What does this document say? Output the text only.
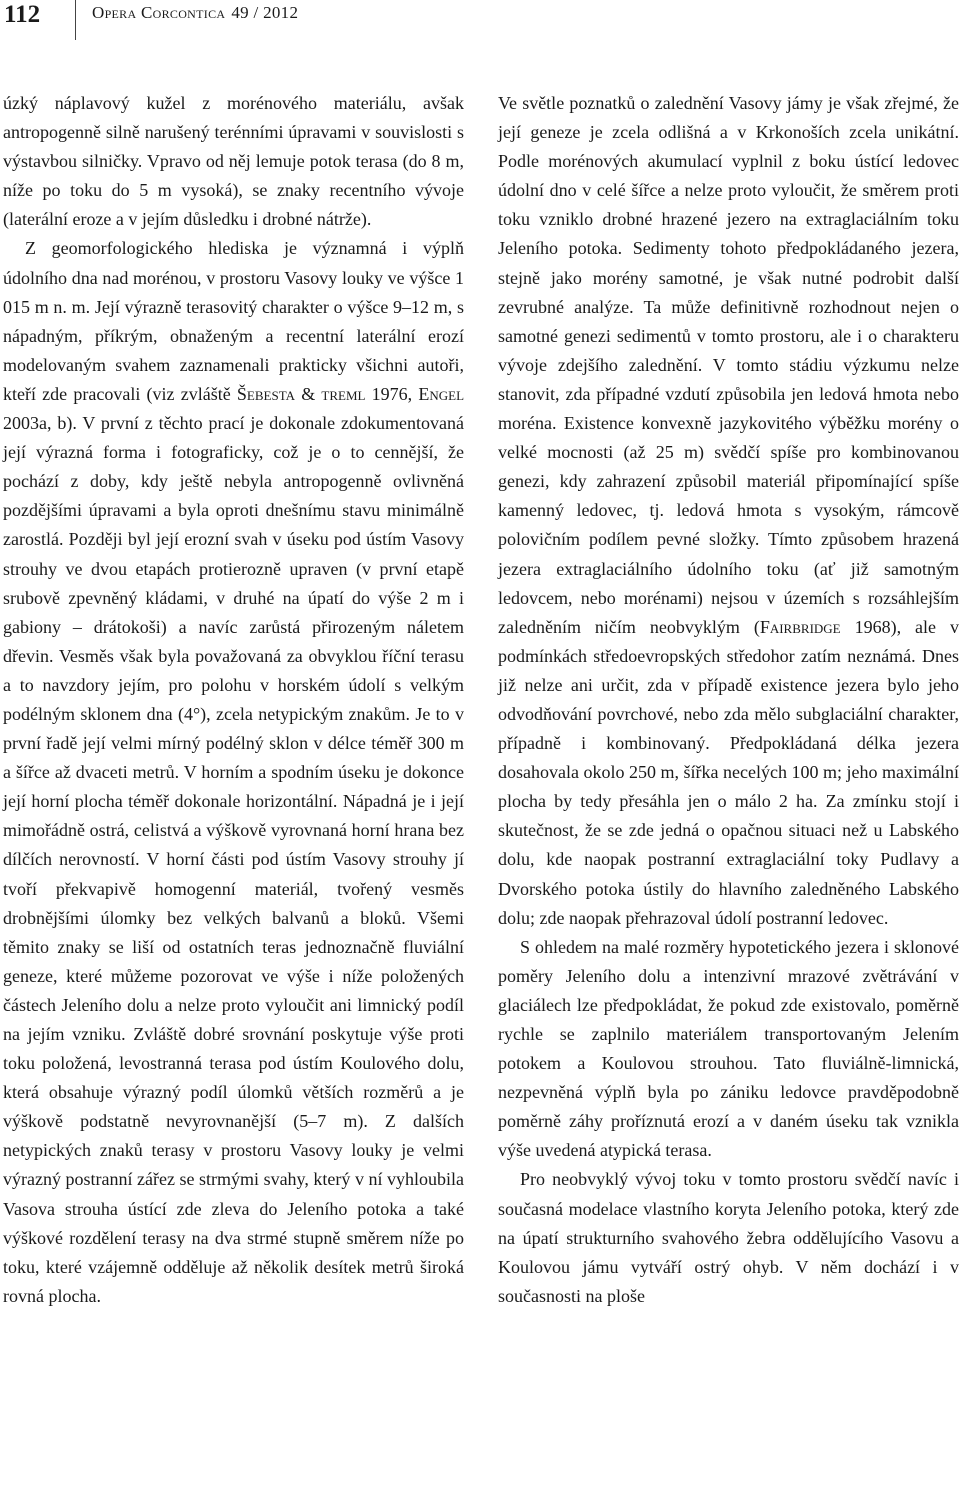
112	Opera Corcontica 49 / 2012

úzký náplavový kužel z morénového materiálu, avšak antropogenně silně narušený terénními úpravami v souvislosti s výstavbou silničky. Vpravo od něj lemuje potok terasa (do 8 m, níže po toku do 5 m vysoká), se znaky recentního vývoje (laterální eroze a v jejím důsledku i drobné nátrže).

Z geomorfologického hlediska je významná i výplň údolního dna nad morénou, v prostoru Vasovy louky ve výšce 1 015 m n. m. Její výrazně terasovitý charakter o výšce 9–12 m, s nápadným, příkrým, obnaženým a recentní laterální erozí modelovaným svahem zaznamenali prakticky všichni autoři, kteří zde pracovali (viz zvláště Šebesta & treml 1976, Engel 2003a, b). V první z těchto prací je dokonale zdokumentovaná její výrazná forma i fotograficky, což je o to cennější, že pochází z doby, kdy ještě nebyla antropogenně ovlivněná pozdějšími úpravami a byla oproti dnešnímu stavu minimálně zarostlá. Později byl její erozní svah v úseku pod ústím Vasovy strouhy ve dvou etapách protierozně upraven (v první etapě srubově zpevněný kládami, v druhé na úpatí do výše 2 m i gabiony – drátokoši) a navíc zarůstá přirozeným náletem dřevin. Vesměs však byla považovaná za obvyklou říční terasu a to navzdory jejím, pro polohu v horském údolí s velkým podélným sklonem dna (4°), zcela netypickým znakům. Je to v první řadě její velmi mírný podélný sklon v délce téměř 300 m a šířce až dvaceti metrů. V horním a spodním úseku je dokonce její horní plocha téměř dokonale horizontální. Nápadná je i její mimořádně ostrá, celistvá a výškově vyrovnaná horní hrana bez dílčích nerovností. V horní části pod ústím Vasovy strouhy jí tvoří překvapivě homogenní materiál, tvořený vesměs drobnějšími úlomky bez velkých balvanů a bloků. Všemi těmito znaky se liší od ostatních teras jednoznačně fluviální geneze, které můžeme pozorovat ve výše i níže položených částech Jeleního dolu a nelze proto vyloučit ani limnický podíl na jejím vzniku. Zvláště dobré srovnání poskytuje výše proti toku položená, levostranná terasa pod ústím Koulového dolu, která obsahuje výrazný podíl úlomků větších rozměrů a je výškově podstatně nevyrovnanější (5–7 m). Z dalších netypických znaků terasy v prostoru Vasovy louky je velmi výrazný postranní zářez se strmými svahy, který v ní vyhloubila Vasova strouha ústící zde zleva do Jeleního potoka a také výškové rozdělení terasy na dva strmé stupně směrem níže po toku, které vzájemně odděluje až několik desítek metrů široká rovná plocha.

Ve světle poznatků o zalednění Vasovy jámy je však zřejmé, že její geneze je zcela odlišná a v Krkonoších zcela unikátní. Podle morénových akumulací vyplnil z boku ústící ledovec údolní dno v celé šířce a nelze proto vyloučit, že směrem proti toku vzniklo drobné hrazené jezero na extraglaciálním toku Jeleního potoka. Sedimenty tohoto předpokládaného jezera, stejně jako morény samotné, je však nutné podrobit další zevrubné analýze. Ta může definitivně rozhodnout nejen o samotné genezi sedimentů v tomto prostoru, ale i o charakteru vývoje zdejšího zalednění. V tomto stádiu výzkumu nelze stanovit, zda případné vzdutí způsobila jen ledová hmota nebo moréna. Existence konvexně jazykovitého výběžku morény o velké mocnosti (až 25 m) svědčí spíše pro kombinovanou genezi, kdy zahrazení způsobil materiál připomínající spíše kamenný ledovec, tj. ledová hmota s vysokým, rámcově polovičním podílem pevné složky. Tímto způsobem hrazená jezera extraglaciálního údolního toku (ať již samotným ledovcem, nebo morénami) nejsou v územích s rozsáhlejším zaledněním ničím neobvyklým (Fairbridge 1968), ale v podmínkách středoevropských středohor zatím neznámá. Dnes již nelze ani určit, zda v případě existence jezera bylo jeho odvodňování povrchové, nebo zda mělo subglaciální charakter, případně i kombinovaný. Předpokládaná délka jezera dosahovala okolo 250 m, šířka necelých 100 m; jeho maximální plocha by tedy přesáhla jen o málo 2 ha. Za zmínku stojí i skutečnost, že se zde jedná o opačnou situaci než u Labského dolu, kde naopak postranní extraglaciální toky Pudlavy a Dvorského potoka ústily do hlavního zaledněného Labského dolu; zde naopak přehrazoval údolí postranní ledovec.

S ohledem na malé rozměry hypotetického jezera i sklonové poměry Jeleního dolu a intenzivní mrazové zvětrávání v glaciálech lze předpokládat, že pokud zde existovalo, poměrně rychle se zaplnilo materiálem transportovaným Jelením potokem a Koulovou strouhou. Tato fluviálně-limnická, nezpevněná výplň byla po zániku ledovce pravděpodobně poměrně záhy proříznutá erozí a v daném úseku tak vznikla výše uvedená atypická terasa.

Pro neobvyklý vývoj toku v tomto prostoru svědčí navíc i současná modelace vlastního koryta Jeleního potoka, který zde na úpatí strukturního svahového žebra oddělujícího Vasovu a Koulovou jámu vytváří ostrý ohyb. V něm dochází i v současnosti na ploše
